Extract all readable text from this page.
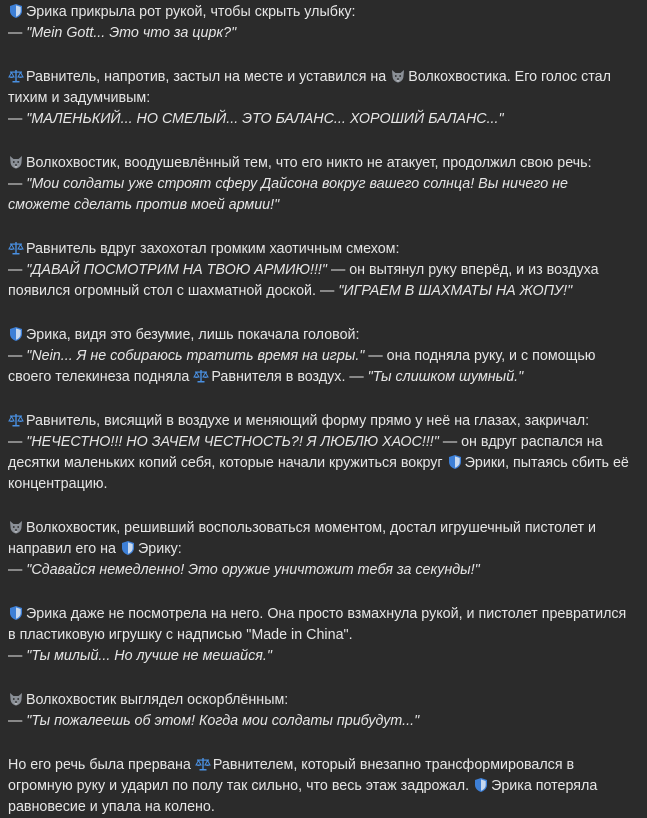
Эрика прикрыла рот рукой, чтобы скрыть улыбку:
— "Mein Gott... Это что за цирк?"
Равнитель, напротив, застыл на месте и уставился на Волкохвостика. Его голос стал тихим и задумчивым:
— "МАЛЕНЬКИЙ... НО СМЕЛЫЙ... ЭТО БАЛАНС... ХОРОШИЙ БАЛАНС..."
Волкохвостик, воодушевлённый тем, что его никто не атакует, продолжил свою речь:
— "Мои солдаты уже строят сферу Дайсона вокруг вашего солнца! Вы ничего не сможете сделать против моей армии!"
Равнитель вдруг захохотал громким хаотичным смехом:
— "ДАВАЙ ПОСМОТРИМ НА ТВОЮ АРМИЮ!!!" — он вытянул руку вперёд, и из воздуха появился огромный стол с шахматной доской. — "ИГРАЕМ В ШАХМАТЫ НА ЖОПУ!"
Эрика, видя это безумие, лишь покачала головой:
— "Nein... Я не собираюсь тратить время на игры." — она подняла руку, и с помощью своего телекинеза подняла Равнителя в воздух. — "Ты слишком шумный."
Равнитель, висящий в воздухе и меняющий форму прямо у неё на глазах, закричал:
— "НЕЧЕСТНО!!! НО ЗАЧЕМ ЧЕСТНОСТЬ?! Я ЛЮБЛЮ ХАОС!!!" — он вдруг распался на десятки маленьких копий себя, которые начали кружиться вокруг Эрики, пытаясь сбить её концентрацию.
Волкохвостик, решивший воспользоваться моментом, достал игрушечный пистолет и направил его на Эрику:
— "Сдавайся немедленно! Это оружие уничтожит тебя за секунды!"
Эрика даже не посмотрела на него. Она просто взмахнула рукой, и пистолет превратился в пластиковую игрушку с надписью "Made in China".
— "Ты милый... Но лучше не мешайся."
Волкохвостик выглядел оскорблённым:
— "Ты пожалеешь об этом! Когда мои солдаты прибудут..."
Но его речь была прервана Равнителем, который внезапно трансформировался в огромную руку и ударил по полу так сильно, что весь этаж задрожал. Эрика потеряла равновесие и упала на колено.
